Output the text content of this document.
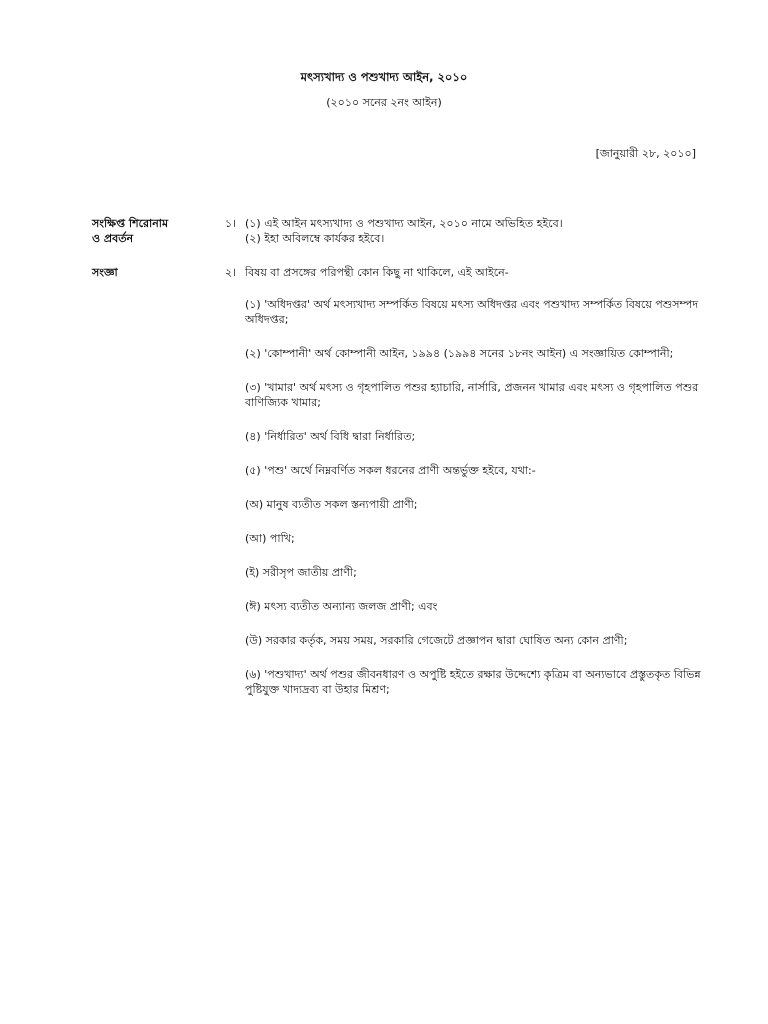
মৎস্যখাদ্য ও পশুখাদ্য আইন, ২০১০
(২০১০ সনের ২নং আইন)
[জানুয়ারী ২৮, ২০১০]
সংক্ষিপ্ত শিরোনাম
ও প্রবর্তন
১। (১) এই আইন মৎস্যখাদ্য ও পশুখাদ্য আইন, ২০১০ নামে অভিহিত হইবে।
(২) ইহা অবিলম্বে কার্যকর হইবে।
সংজ্ঞা	২। বিষয় বা প্রসঙ্গের পরিপন্থী কোন কিছু না থাকিলে, এই আইনে-
(১) 'অধিদপ্তর' অর্থ মৎস্যখাদ্য সম্পর্কিত বিষয়ে মৎস্য অধিদপ্তর এবং পশুখাদ্য সম্পর্কিত বিষয়ে পশুসম্পদ অধিদপ্তর;
(২) 'কোম্পানী' অর্থ কোম্পানী আইন, ১৯৯৪ (১৯৯৪ সনের ১৮নং আইন) এ সংজ্ঞায়িত কোম্পানী;
(৩) 'খামার' অর্থ মৎস্য ও গৃহপালিত পশুর হ্যাচারি, নার্সারি, প্রজনন খামার এবং মৎস্য ও গৃহপালিত পশুর বাণিজ্যিক খামার;
(৪) 'নির্ধারিত' অর্থ বিধি দ্বারা নির্ধারিত;
(৫) 'পশু' অর্থে নিম্নবর্ণিত সকল ধরনের প্রাণী অন্তর্ভুক্ত হইবে, যথা:-
(অ) মানুষ ব্যতীত সকল স্তন্যপায়ী প্রাণী;
(আ) পাখি;
(ই) সরীসৃপ জাতীয় প্রাণী;
(ঈ) মৎস্য ব্যতীত অন্যান্য জলজ প্রাণী; এবং
(উ) সরকার কর্তৃক, সময় সময়, সরকারি গেজেটে প্রজ্ঞাপন দ্বারা ঘোষিত অন্য কোন প্রাণী;
(৬) 'পশুখাদ্য' অর্থ পশুর জীবনধারণ ও অপুষ্টি হইতে রক্ষার উদ্দেশ্যে কৃত্রিম বা অন্যভাবে প্রস্তুতকৃত বিভিন্ন পুষ্টিযুক্ত খাদ্যদ্রব্য বা উহার মিশ্রণ;
